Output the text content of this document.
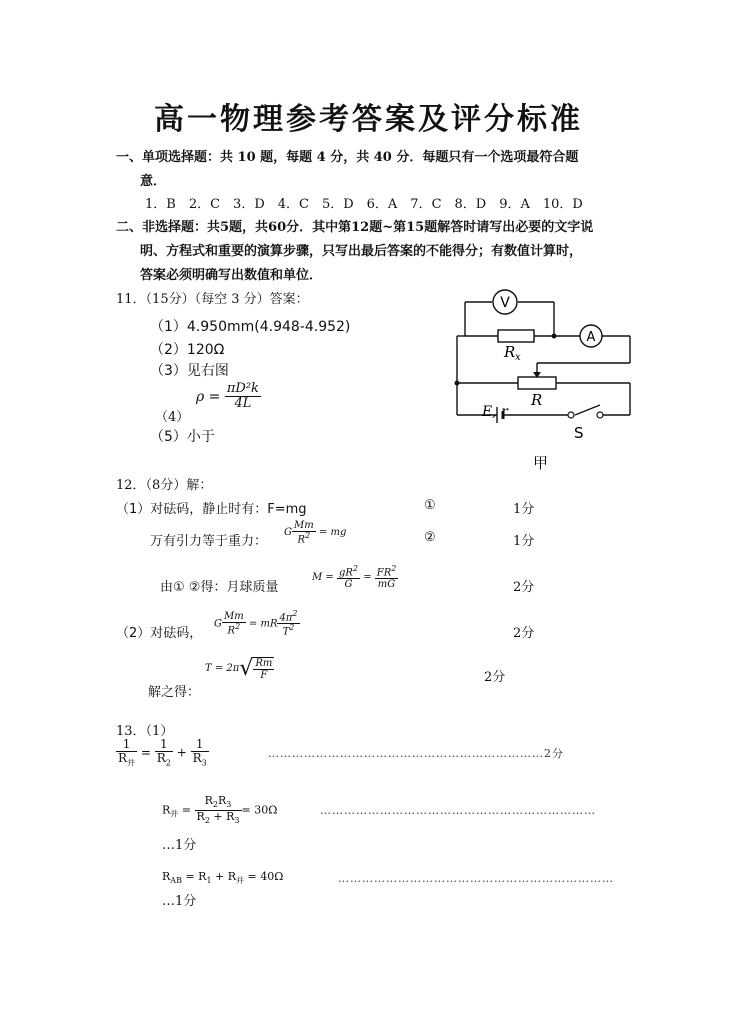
高一物理参考答案及评分标准
一、单项选择题：共 10 题，每题 4 分，共 40 分．每题只有一个选项最符合题
意．
1．B　2．C　3．D　4．C　5．D　6．A　7．C　8．D　9．A　10．D
二、非选择题：共5题，共60分．其中第12题~第15题解答时请写出必要的文字说
明、方程式和重要的演算步骤，只写出最后答案的不能得分；有数值计算时，
答案必须明确写出数值和单位．
11．（15分）（每空 3 分）答案：
（1）4.950mm(4.948-4.952)
（2）120Ω
（3）见右图
（4）
$\rho = \frac{\text{πD²k}}{4L}$
（5）小于
V
A
R x
R
E, r
S
甲
12．（8分）解：
（1）对砝码，静止时有：F=mg	①	1分
万有引力等于重力：
G $\frac{Mm}{R^2}$ = mg	②	1分
由① ②得：月球质量
$M = \frac{gR^2}{G} = \frac{FR^2}{mG}$	2分
（2）对砝码，
G $\frac{Mm}{R^2}$ = mR $\frac{4\pi^2}{T^2}$	2分
解之得：
$T = 2\pi√ \frac{Rm}{F}$	2分
13．（1）
$\frac{1}{R_并} = \frac{1}{R_2} + \frac{1}{R_3}$	……………………………………………………………2分
$R_并 = \frac{R_2R_3}{R_2 + R_3} = 30\Omega$	……………………………………………………………
…1分
$R_{AB} = R_1 + R_并 = 40\Omega$	……………………………………………………………
…1分
